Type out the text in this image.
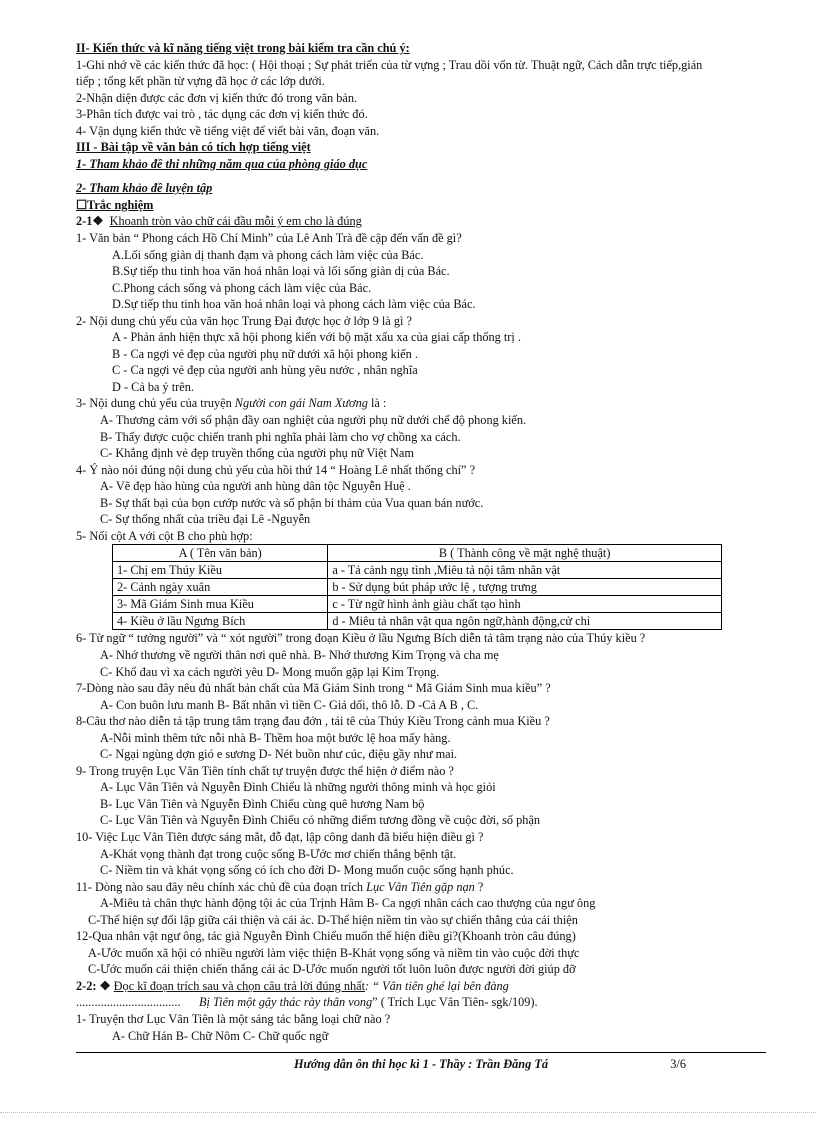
II- Kiến thức và kĩ năng tiếng việt trong bài kiểm tra cần chú ý:
1-Ghi nhớ về các kiến thức đã học: ( Hội thoại ; Sự phát triển của từ vựng ; Trau dồi vốn từ. Thuật ngữ, Cách dẫn trực tiếp,gián
tiếp ; tổng kết phần từ vựng đã học ở các lớp dưới.
2-Nhận diện được các đơn vị kiến thức đó trong văn bản.
3-Phân tích được vai trò , tác dụng các đơn vị kiến thức đó.
4- Vận dụng kiến thức về tiếng việt để viết bài văn, đoạn văn.
III - Bài tập về văn bản có tích hợp tiếng việt
1- Tham khảo đề thi những năm qua của phòng giáo dục
2- Tham khảo đề luyện tập
☐Trắc nghiệm
2-1❖ Khoanh tròn vào chữ cái đầu mỗi ý em cho là đúng
1- Văn bản “ Phong cách Hồ Chí Minh” của Lê Anh Trà đề cập đến vấn đề gì?
A.Lối sống giản dị thanh đạm và phong cách làm việc của Bác.
B.Sự tiếp thu tinh hoa văn hoá nhân loại và lối sống giản dị của Bác.
C.Phong cách sống và phong cách làm việc của Bác.
D.Sự tiếp thu tinh hoa văn hoá nhân loại và phong cách làm việc của Bác.
2- Nội dung chủ yếu của văn học Trung Đại được học ở lớp 9 là gì ?
A - Phản ánh hiện thực xã hội phong kiến với bộ mặt xấu xa của giai cấp thống trị .
B - Ca ngợi vẻ đẹp của người phụ nữ dưới xã hội phong kiến .
C - Ca ngợi vẻ đẹp của người anh hùng yêu nước , nhân nghĩa
D - Cả ba ý trên.
3- Nội dung chủ yếu của truyện Người con gái Nam Xương là :
A- Thương cảm với số phận đầy oan nghiệt của người phụ nữ dưới chế độ phong kiến.
B- Thấy được cuộc chiến tranh phi nghĩa phải làm cho vợ chồng xa cách.
C- Khẳng định vẻ đẹp truyền thống của người phụ nữ Việt Nam
4- Ý nào nói đúng nội dung chủ yếu của hồi thứ 14 “ Hoàng Lê nhất thống chí” ?
A- Vẽ đẹp hào hùng của người anh hùng dân tộc Nguyễn Huệ .
B- Sự thất bại của bọn cướp nước và số phận bi thảm của Vua quan bán nước.
C- Sự thống nhất của triều đại Lê -Nguyễn
5- Nối cột A với cột B cho phù hợp:
A ( Tên văn bản)	B ( Thành công về mặt nghệ thuật)
1- Chị em Thúy Kiều	a - Tả cảnh ngụ tình ,Miêu tả nội tâm nhân vật
2- Cảnh ngày xuân	b - Sử dụng bút pháp ước lệ , tượng trưng
3- Mã Giám Sinh mua Kiều	c - Từ ngữ hình ảnh giàu chất tạo hình
4- Kiều ở lầu Ngưng Bích	d - Miêu tả nhân vật qua ngôn ngữ,hành động,cử chỉ
6- Từ ngữ “ tưởng người” và “ xót người” trong đoạn Kiều ở lầu Ngưng Bích diễn tả tâm trạng nào của Thúy kiều ?
A- Nhớ thương về người thân nơi quê nhà. B- Nhớ thương Kim Trọng và cha mẹ
C- Khổ đau vì xa cách người yêu D- Mong muốn gặp lại Kim Trọng.
7-Dòng nào sau đây nêu đủ nhất bản chất của Mã Giám Sinh trong “ Mã Giám Sinh mua kiều” ?
A- Con buôn lưu manh B- Bất nhân vì tiền C- Giả dối, thô lỗ. D -Cả A B , C.
8-Câu thơ nào diễn tả tập trung tâm trạng đau đớn , tái tê của Thúy Kiều Trong cảnh mua Kiều ?
A-Nỗi mình thêm tức nỗi nhà B- Thềm hoa một bước lệ hoa mấy hàng.
C- Ngại ngùng dợn gió e sương D- Nét buồn như cúc, điệu gầy như mai.
9- Trong truyện Lục Vân Tiên tính chất tự truyện được thể hiện ở điểm nào ?
A- Lục Vân Tiên và Nguyễn Đình Chiểu là những người thông minh và học giỏi
B- Lục Vân Tiên và Nguyễn Đình Chiểu cùng quê hương Nam bộ
C- Lục Vân Tiên và Nguyễn Đình Chiểu có những điểm tương đồng về cuộc đời, số phận
10- Việc Lục Vân Tiên được sáng mắt, đỗ đạt, lập công danh đã biểu hiện điều gì ?
A-Khát vọng thành đạt trong cuộc sống B-Ước mơ chiến thắng bệnh tật.
C- Niềm tin và khát vọng sống có ích cho đời D- Mong muốn cuộc sống hạnh phúc.
11- Dòng nào sau đây nêu chính xác chủ đề của đoạn trích Lục Vân Tiên gặp nạn ?
A-Miêu tả chân thực hành động tội ác của Trịnh Hâm B- Ca ngợi nhân cách cao thượng của ngư ông
C-Thể hiện sự đối lập giữa cái thiện và cái ác. D-Thể hiện niềm tin vào sự chiến thắng của cái thiện
12-Qua nhân vật ngư ông, tác giả Nguyễn Đình Chiểu muốn thể hiện điều gì?(Khoanh tròn câu đúng)
A-Ước muốn xã hội có nhiều người làm việc thiện B-Khát vọng sống và niềm tin vào cuộc đời thực
C-Ước muốn cái thiện chiến thắng cái ác D-Ước muốn người tốt luôn luôn được người đời giúp đỡ
2-2: ❖ Đọc kĩ đoạn trích sau và chọn câu trả lời đúng nhất: “ Vân tiên ghé lại bên đàng
.................................. Bị Tiên một gậy thác rày thân vong” ( Trích Lục Vân Tiên- sgk/109).
1- Truyện thơ Lục Vân Tiên là một sáng tác bằng loại chữ nào ?
A- Chữ Hán B- Chữ Nôm C- Chữ quốc ngữ
Hướng dẫn ôn thi học kì 1 - Thầy : Trần Đăng Tá	3/6
